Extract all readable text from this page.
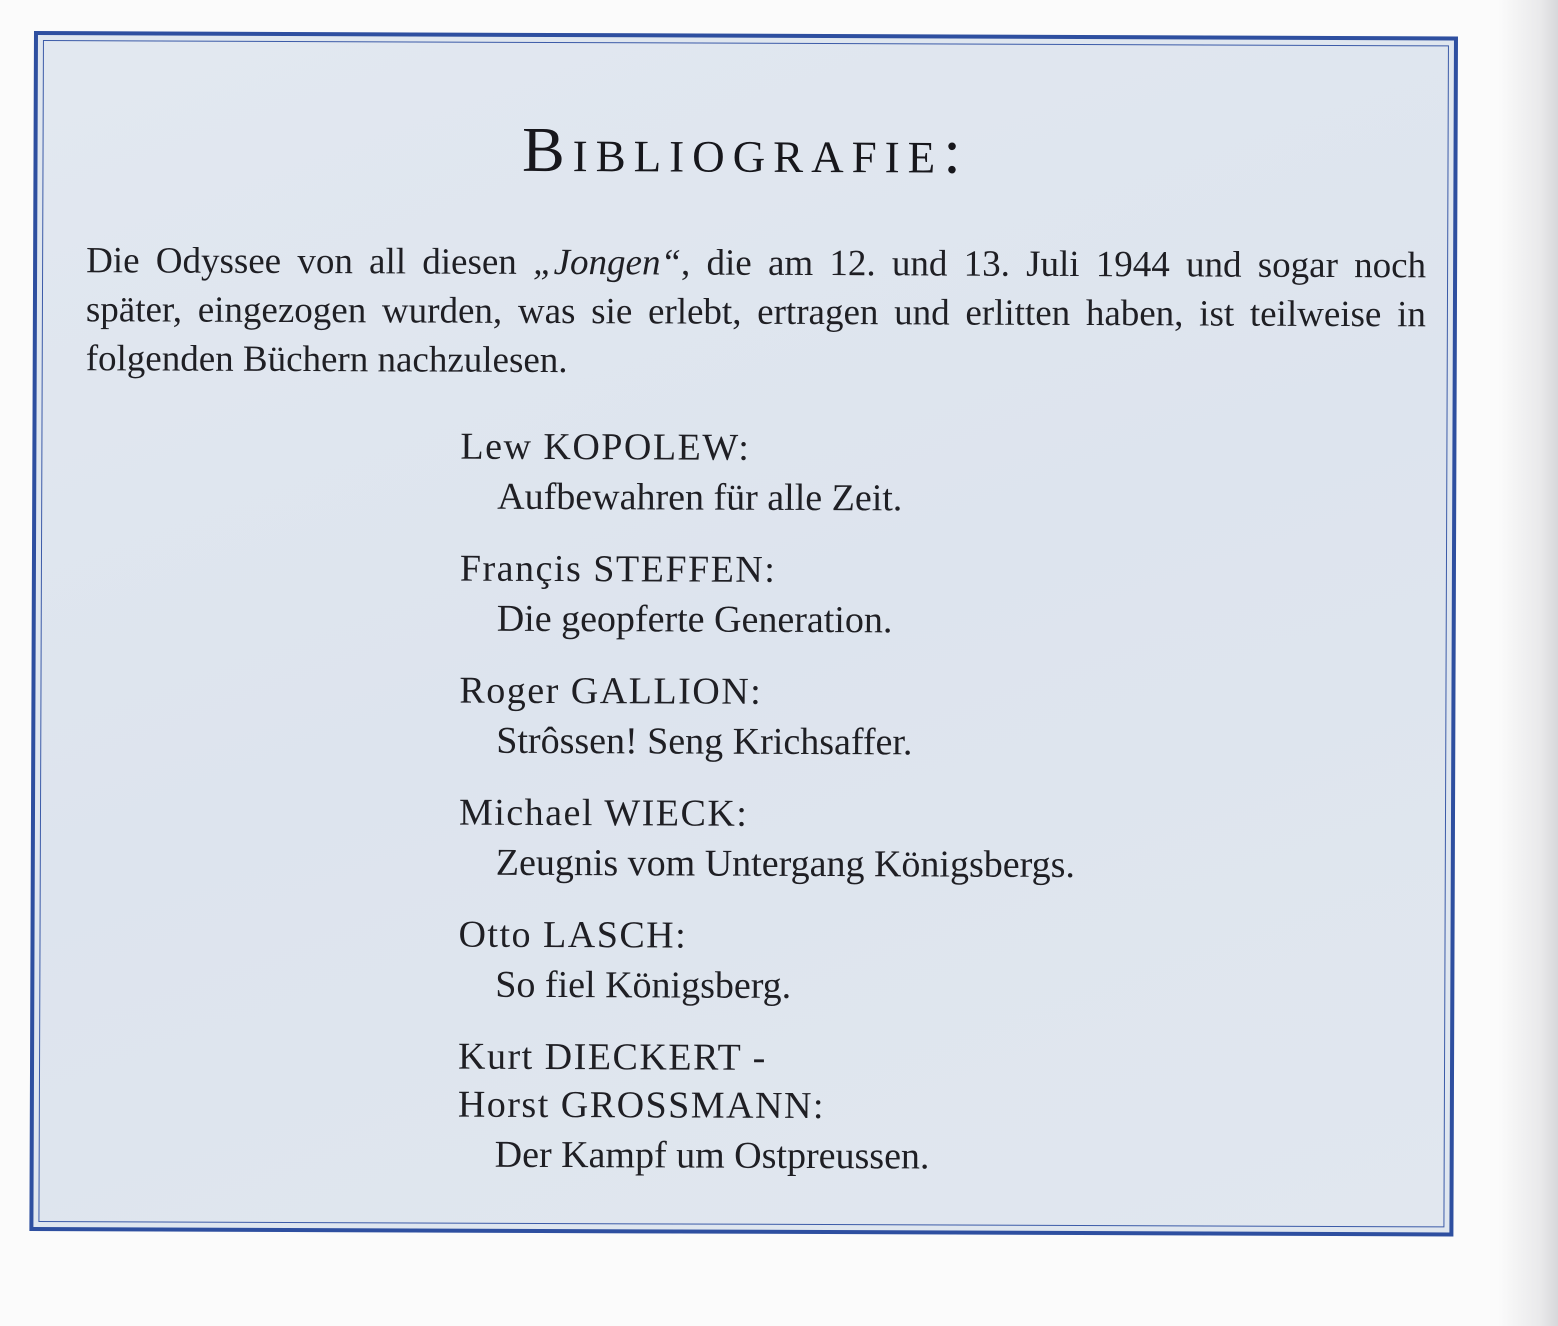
Bibliografie:

Die Odyssee von all diesen „Jongen“, die am 12. und 13. Juli 1944 und sogar noch später, eingezogen wurden, was sie erlebt, ertragen und erlitten haben, ist teilweise in folgenden Büchern nachzulesen.

Lew KOPOLEW:
Aufbewahren für alle Zeit.
Françis STEFFEN:
Die geopferte Generation.
Roger GALLION:
Strôssen! Seng Krichsaffer.
Michael WIECK:
Zeugnis vom Untergang Königsbergs.
Otto LASCH:
So fiel Königsberg.
Kurt DIECKERT -
Horst GROSSMANN:
Der Kampf um Ostpreussen.
